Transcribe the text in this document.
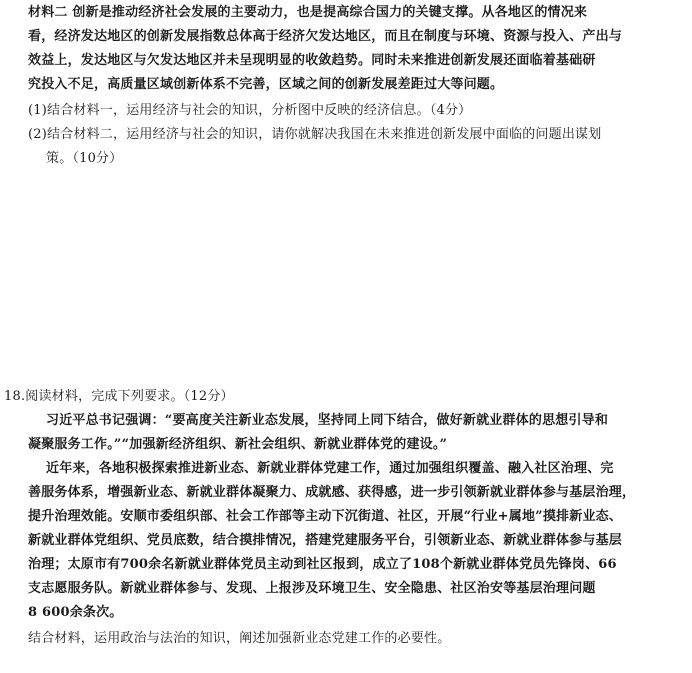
材料二 创新是推动经济社会发展的主要动力，也是提高综合国力的关键支撑。从各地区的情况来
看，经济发达地区的创新发展指数总体高于经济欠发达地区，而且在制度与环境、资源与投入、产出与
效益上，发达地区与欠发达地区并未呈现明显的收敛趋势。同时未来推进创新发展还面临着基础研
究投入不足，高质量区域创新体系不完善，区域之间的创新发展差距过大等问题。
(1)结合材料一，运用经济与社会的知识，分析图中反映的经济信息。（4分）
(2)结合材料二，运用经济与社会的知识，请你就解决我国在未来推进创新发展中面临的问题出谋划
策。（10分）
18.阅读材料，完成下列要求。（12分）
习近平总书记强调：“要高度关注新业态发展，坚持同上同下结合，做好新就业群体的思想引导和
凝聚服务工作。”“加强新经济组织、新社会组织、新就业群体党的建设。”
近年来，各地积极探索推进新业态、新就业群体党建工作，通过加强组织覆盖、融入社区治理、完
善服务体系，增强新业态、新就业群体凝聚力、成就感、获得感，进一步引领新就业群体参与基层治理，
提升治理效能。安顺市委组织部、社会工作部等主动下沉街道、社区，开展“行业+属地”摸排新业态、
新就业群体党组织、党员底数，结合摸排情况，搭建党建服务平台，引领新业态、新就业群体参与基层
治理；太原市有700余名新就业群体党员主动到社区报到，成立了108个新就业群体党员先锋岗、66
支志愿服务队。新就业群体参与、发现、上报涉及环境卫生、安全隐患、社区治安等基层治理问题
8 600余条次。
结合材料，运用政治与法治的知识，阐述加强新业态党建工作的必要性。
